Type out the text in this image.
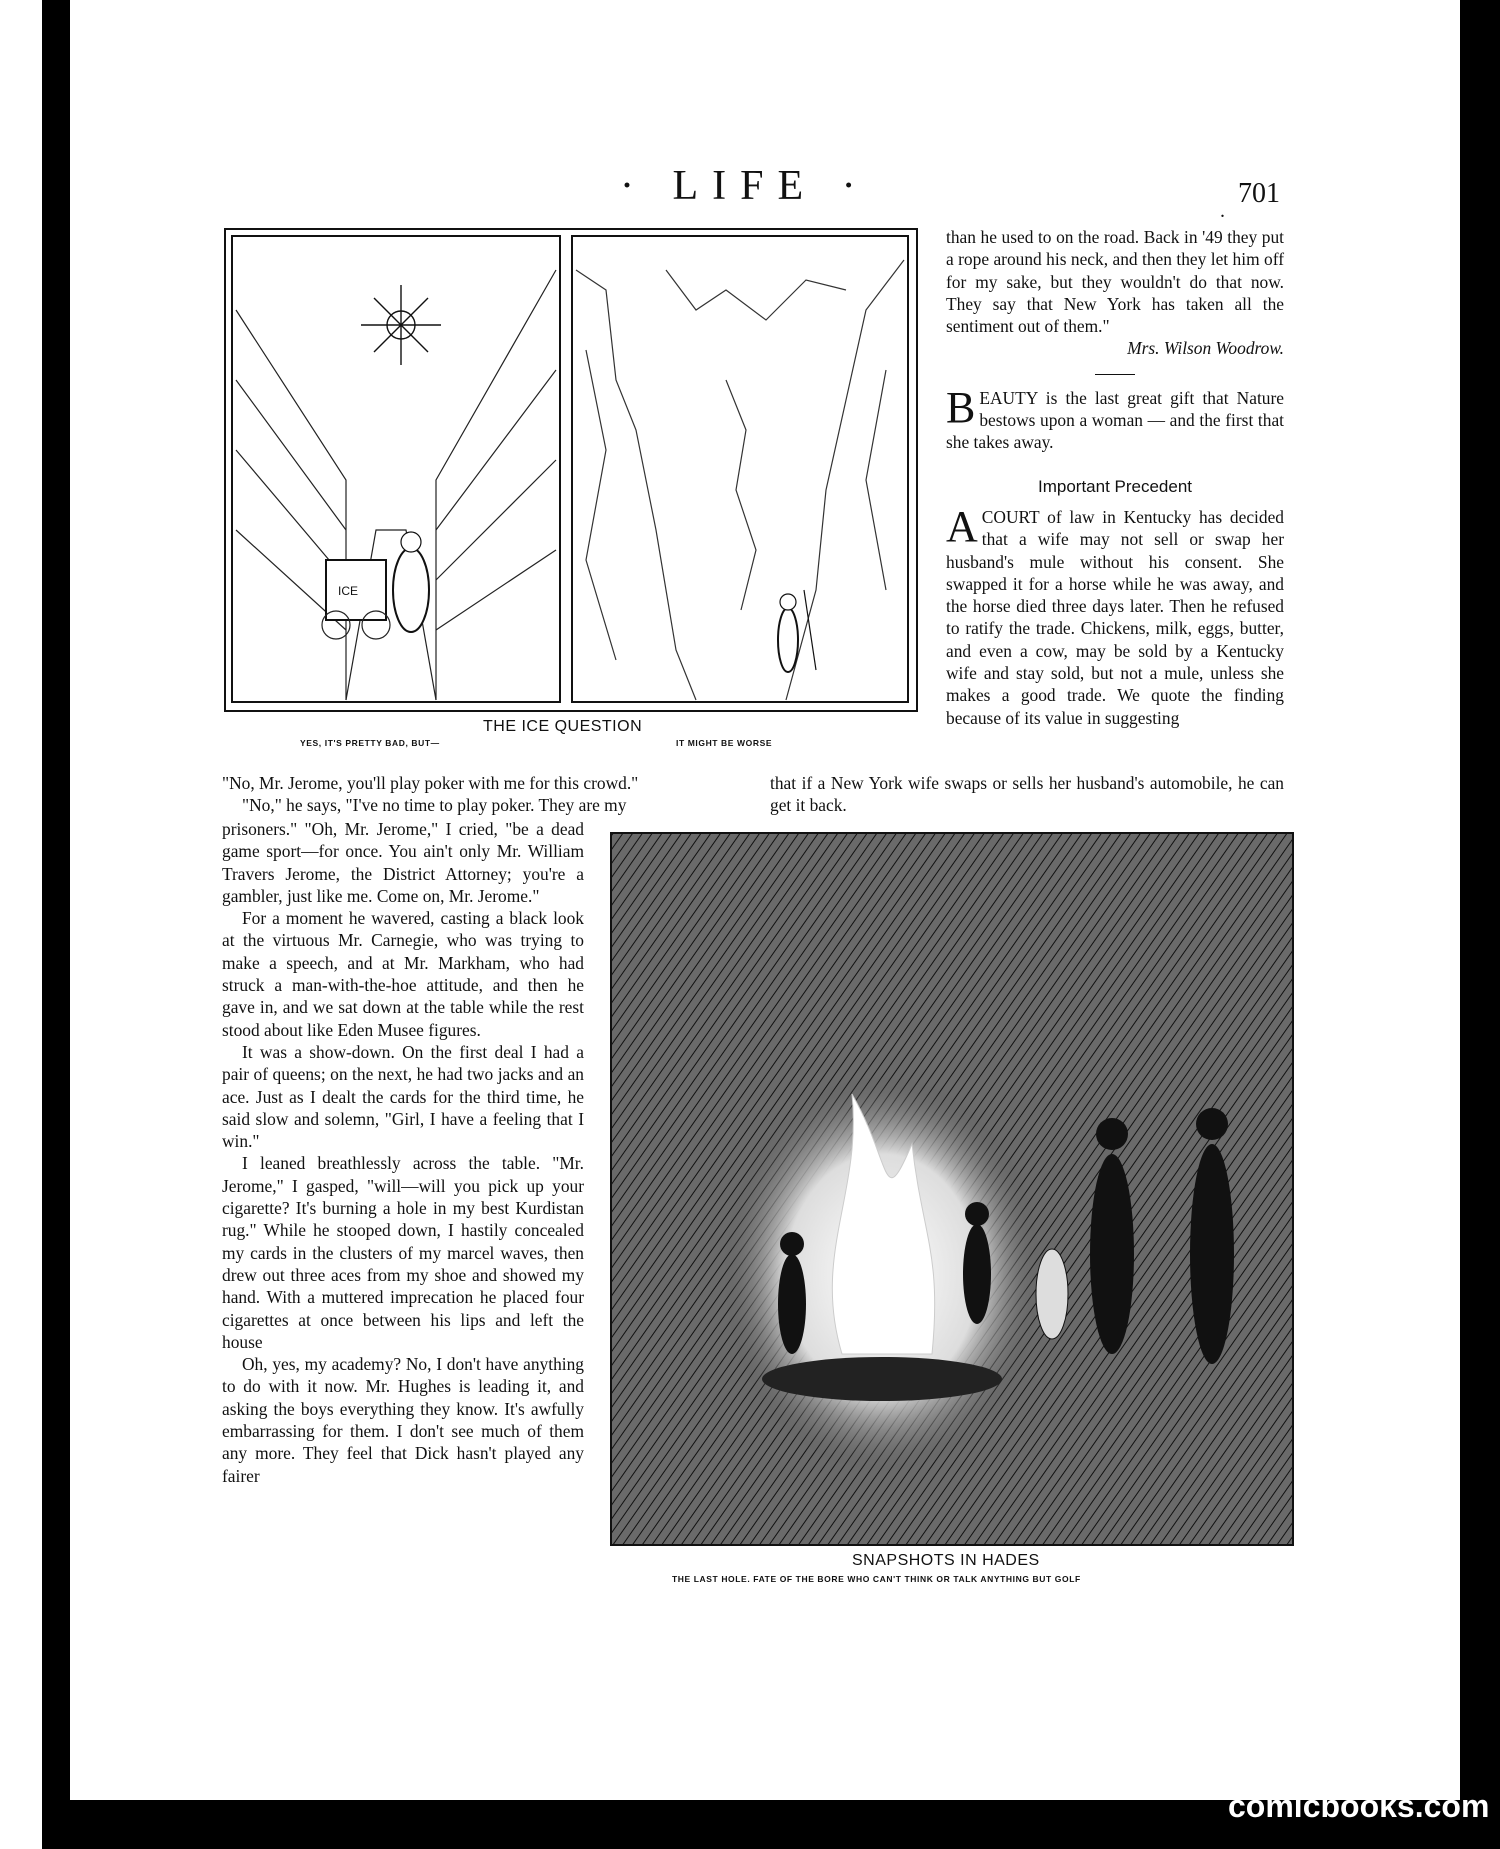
· LIFE ·
.
701
ICE
THE ICE QUESTION
YES, IT'S PRETTY BAD, BUT—	IT MIGHT BE WORSE

than he used to on the road. Back in '49 they put a rope around his neck, and then they let him off for my sake, but they wouldn't do that now. They say that New York has taken all the sentiment out of them."

Mrs. Wilson Woodrow.

BEAUTY is the last great gift that Nature bestows upon a woman — and the first that she takes away.

Important Precedent

ACOURT of law in Kentucky has decided that a wife may not sell or swap her husband's mule without his consent. She swapped it for a horse while he was away, and the horse died three days later. Then he refused to ratify the trade. Chickens, milk, eggs, butter, and even a cow, may be sold by a Kentucky wife and stay sold, but not a mule, unless she makes a good trade. We quote the finding because of its value in suggesting

that if a New York wife swaps or sells her husband's automobile, he can get it back.

"No, Mr. Jerome, you'll play poker with me for this crowd."

"No," he says, "I've no time to play poker. They are my

prisoners." "Oh, Mr. Jerome," I cried, "be a dead game sport—for once. You ain't only Mr. William Travers Jerome, the District Attorney; you're a gambler, just like me. Come on, Mr. Jerome."

For a moment he wavered, casting a black look at the virtuous Mr. Carnegie, who was trying to make a speech, and at Mr. Markham, who had struck a man-with-the-hoe attitude, and then he gave in, and we sat down at the table while the rest stood about like Eden Musee figures.

It was a show-down. On the first deal I had a pair of queens; on the next, he had two jacks and an ace. Just as I dealt the cards for the third time, he said slow and solemn, "Girl, I have a feeling that I win."

I leaned breathlessly across the table. "Mr. Jerome," I gasped, "will—will you pick up your cigarette? It's burning a hole in my best Kurdistan rug." While he stooped down, I hastily concealed my cards in the clusters of my marcel waves, then drew out three aces from my shoe and showed my hand. With a muttered imprecation he placed four cigarettes at once between his lips and left the house

Oh, yes, my academy? No, I don't have anything to do with it now. Mr. Hughes is leading it, and asking the boys everything they know. It's awfully embarrassing for them. I don't see much of them any more. They feel that Dick hasn't played any fairer

SNAPSHOTS IN HADES
THE LAST HOLE. FATE OF THE BORE WHO CAN'T THINK OR TALK ANYTHING BUT GOLF
comicbooks.com
